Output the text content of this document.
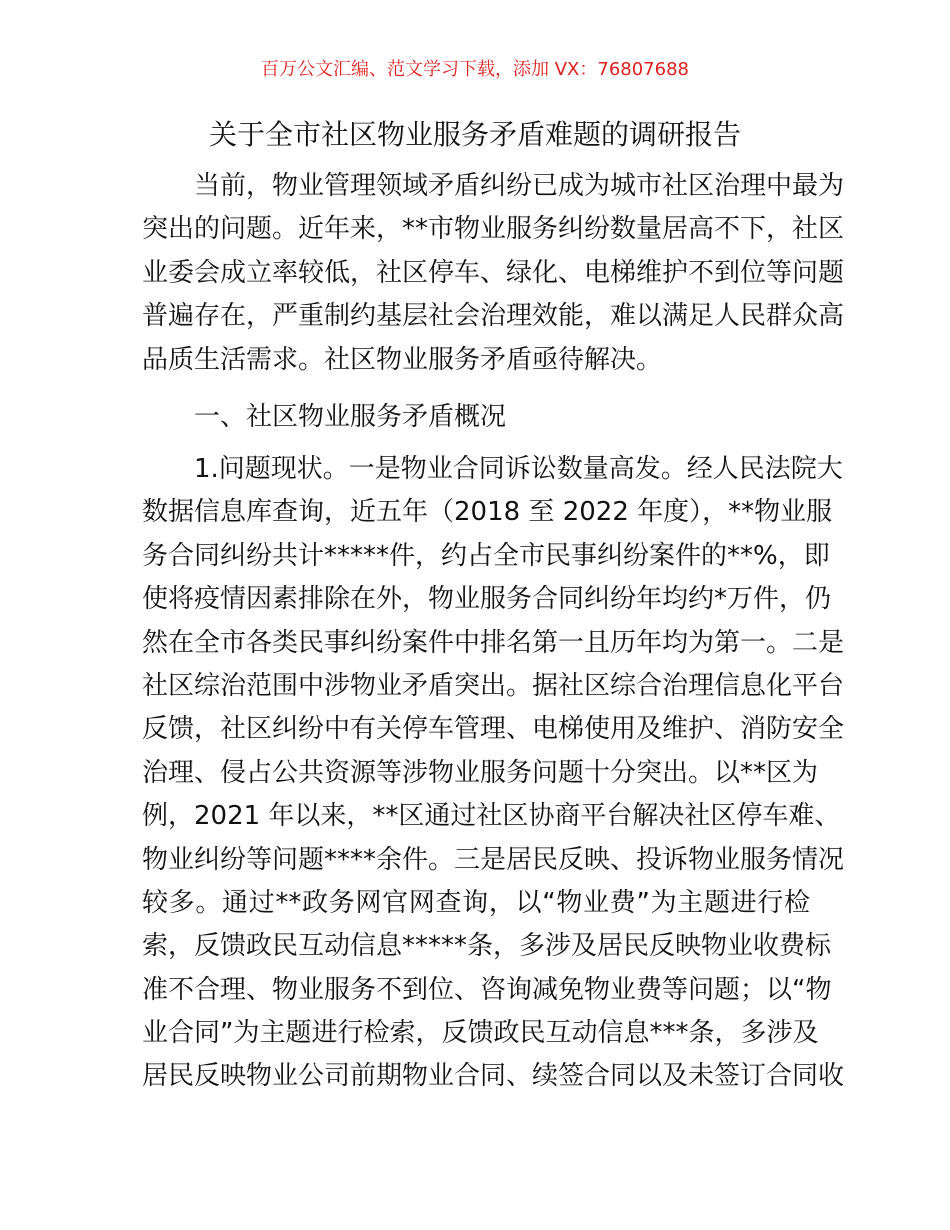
百万公文汇编、范文学习下载，添加 VX：76807688
关于全市社区物业服务矛盾难题的调研报告
当前，物业管理领域矛盾纠纷已成为城市社区治理中最为
突出的问题。近年来，**市物业服务纠纷数量居高不下，社区
业委会成立率较低，社区停车、绿化、电梯维护不到位等问题
普遍存在，严重制约基层社会治理效能，难以满足人民群众高
品质生活需求。社区物业服务矛盾亟待解决。
一、社区物业服务矛盾概况
1.问题现状。一是物业合同诉讼数量高发。经人民法院大
数据信息库查询，近五年（2018 至 2022 年度），**物业服
务合同纠纷共计*****件，约占全市民事纠纷案件的**%，即
使将疫情因素排除在外，物业服务合同纠纷年均约*万件，仍
然在全市各类民事纠纷案件中排名第一且历年均为第一。二是
社区综治范围中涉物业矛盾突出。据社区综合治理信息化平台
反馈，社区纠纷中有关停车管理、电梯使用及维护、消防安全
治理、侵占公共资源等涉物业服务问题十分突出。以**区为
例，2021 年以来，**区通过社区协商平台解决社区停车难、
物业纠纷等问题****余件。三是居民反映、投诉物业服务情况
较多。通过**政务网官网查询，以“物业费”为主题进行检
索，反馈政民互动信息*****条，多涉及居民反映物业收费标
准不合理、物业服务不到位、咨询减免物业费等问题；以“物
业合同”为主题进行检索，反馈政民互动信息***条，多涉及
居民反映物业公司前期物业合同、续签合同以及未签订合同收
